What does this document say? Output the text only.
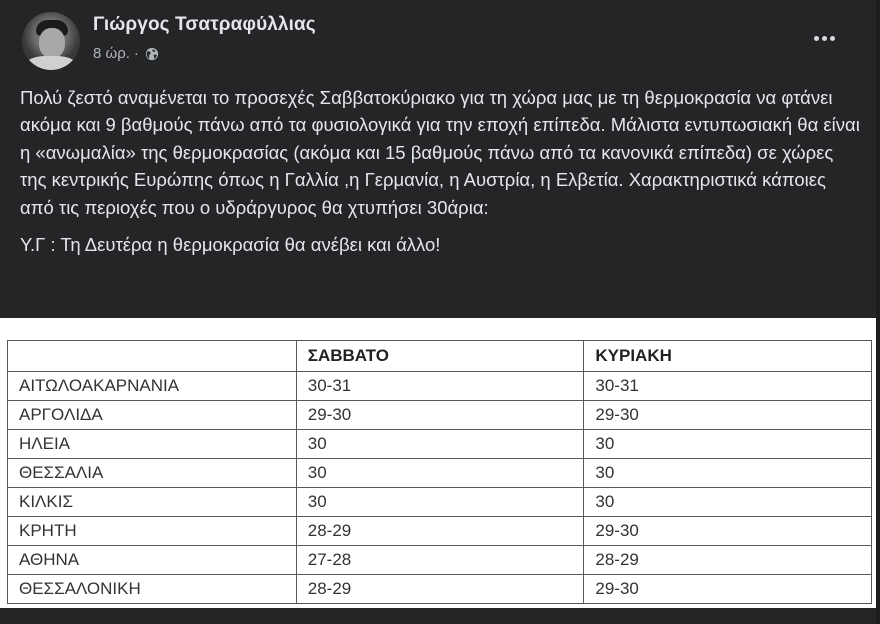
Γιώργος Τσατραφύλλιας
8 ώρ. ·

Πολύ ζεστό αναμένεται το προσεχές Σαββατοκύριακο για τη χώρα μας με τη θερμοκρασία να φτάνει ακόμα και 9 βαθμούς πάνω από τα φυσιολογικά για την εποχή επίπεδα. Μάλιστα εντυπωσιακή θα είναι η «ανωμαλία» της θερμοκρασίας (ακόμα και 15 βαθμούς πάνω από τα κανονικά επίπεδα) σε χώρες της κεντρικής Ευρώπης όπως η Γαλλία ,η Γερμανία, η Αυστρία, η Ελβετία. Χαρακτηριστικά κάποιες από τις περιοχές που ο υδράργυρος θα χτυπήσει 30άρια:

Υ.Γ : Τη Δευτέρα η θερμοκρασία θα ανέβει και άλλο!

	ΣΑΒΒΑΤΟ	ΚΥΡΙΑΚΗ
ΑΙΤΩΛΟΑΚΑΡΝΑΝΙΑ	30-31	30-31
ΑΡΓΟΛΙΔΑ	29-30	29-30
ΗΛΕΙΑ	30	30
ΘΕΣΣΑΛΙΑ	30	30
ΚΙΛΚΙΣ	30	30
ΚΡΗΤΗ	28-29	29-30
ΑΘΗΝΑ	27-28	28-29
ΘΕΣΣΑΛΟΝΙΚΗ	28-29	29-30
